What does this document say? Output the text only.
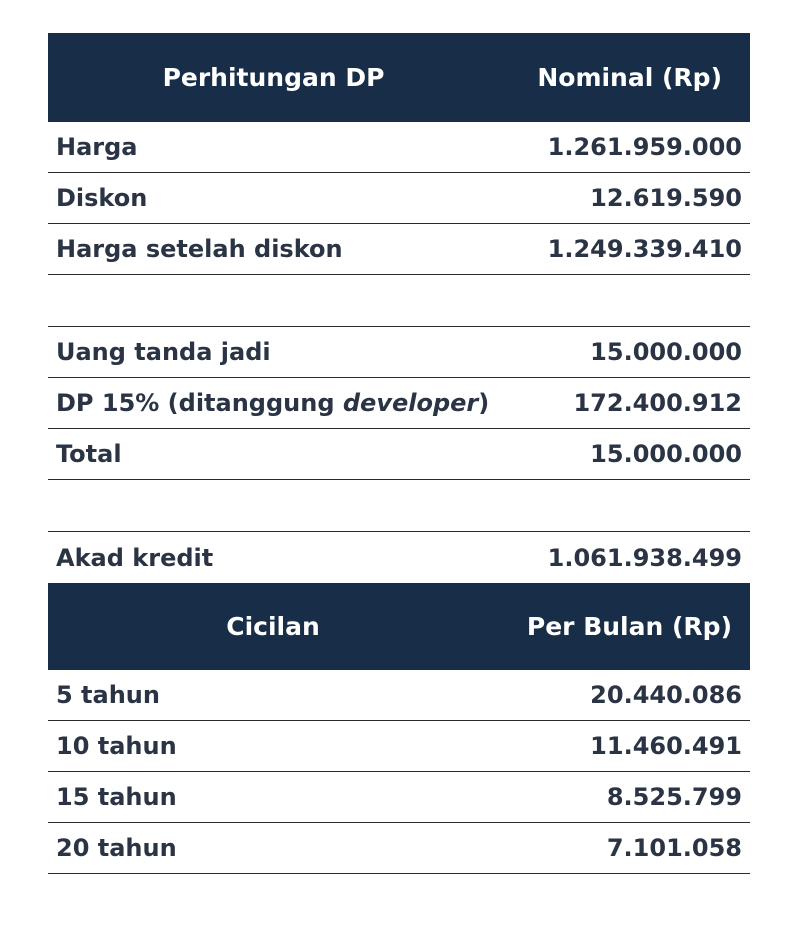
Perhitungan DP	Nominal (Rp)
Harga	1.261.959.000
Diskon	12.619.590
Harga setelah diskon	1.249.339.410
Uang tanda jadi	15.000.000
DP 15% (ditanggung developer)	172.400.912
Total	15.000.000
Akad kredit	1.061.938.499
Cicilan	Per Bulan (Rp)
5 tahun	20.440.086
10 tahun	11.460.491
15 tahun	8.525.799
20 tahun	7.101.058
